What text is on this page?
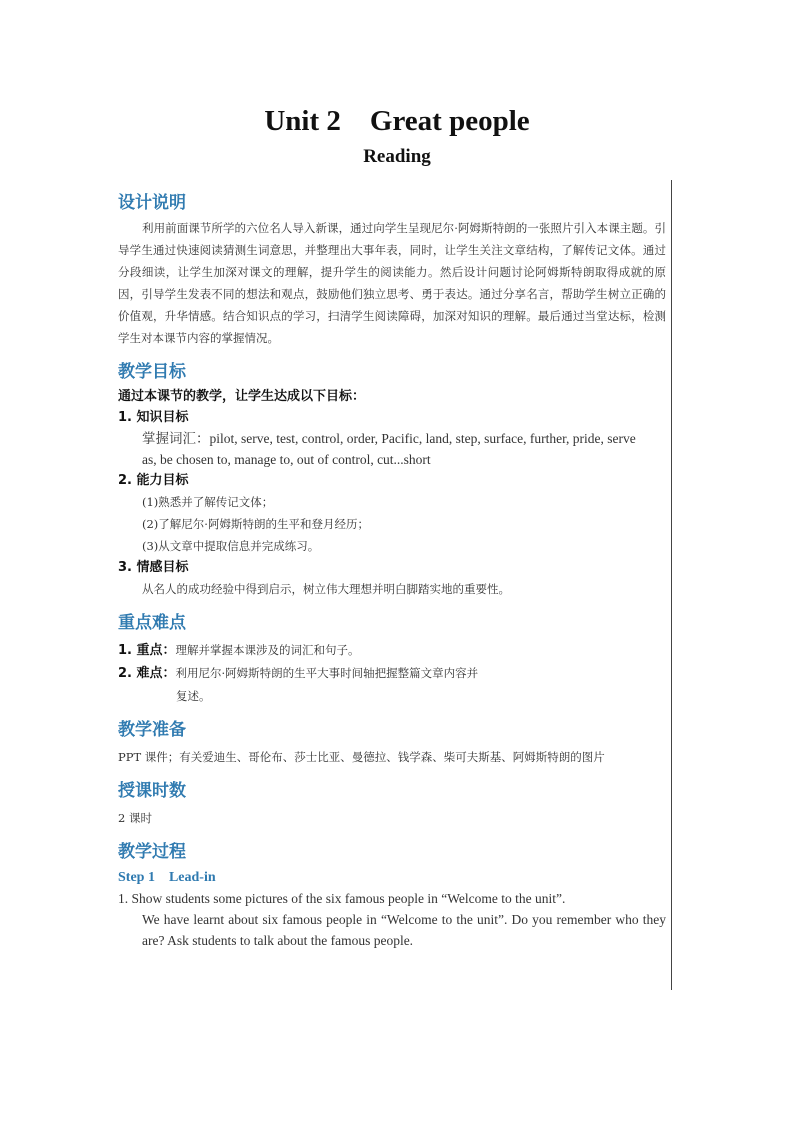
Unit 2　Great people
Reading

设计说明

利用前面课节所学的六位名人导入新课，通过向学生呈现尼尔·阿姆斯特朗的一张照片引入本课主题。引导学生通过快速阅读猜测生词意思，并整理出大事年表，同时，让学生关注文章结构，了解传记文体。通过分段细读，让学生加深对课文的理解，提升学生的阅读能力。然后设计问题讨论阿姆斯特朗取得成就的原因，引导学生发表不同的想法和观点，鼓励他们独立思考、勇于表达。通过分享名言，帮助学生树立正确的价值观，升华情感。结合知识点的学习，扫清学生阅读障碍，加深对知识的理解。最后通过当堂达标，检测学生对本课节内容的掌握情况。

教学目标

通过本课节的教学，让学生达成以下目标：

1. 知识目标

掌握词汇：pilot, serve, test, control, order, Pacific, land, step, surface, further, pride, serve

as, be chosen to, manage to, out of control, cut...short

2. 能力目标

(1)熟悉并了解传记文体；

(2)了解尼尔·阿姆斯特朗的生平和登月经历；

(3)从文章中提取信息并完成练习。

3. 情感目标

从名人的成功经验中得到启示，树立伟大理想并明白脚踏实地的重要性。

重点难点

1. 重点：理解并掌握本课涉及的词汇和句子。

2. 难点：利用尼尔·阿姆斯特朗的生平大事时间轴把握整篇文章内容并

复述。

教学准备

PPT 课件；有关爱迪生、哥伦布、莎士比亚、曼德拉、钱学森、柴可夫斯基、阿姆斯特朗的图片

授课时数

2 课时

教学过程

Step 1 Lead-in

1. Show students some pictures of the six famous people in “Welcome to the unit”.

We have learnt about six famous people in “Welcome to the unit”. Do you remember who they are? Ask students to talk about the famous people.
